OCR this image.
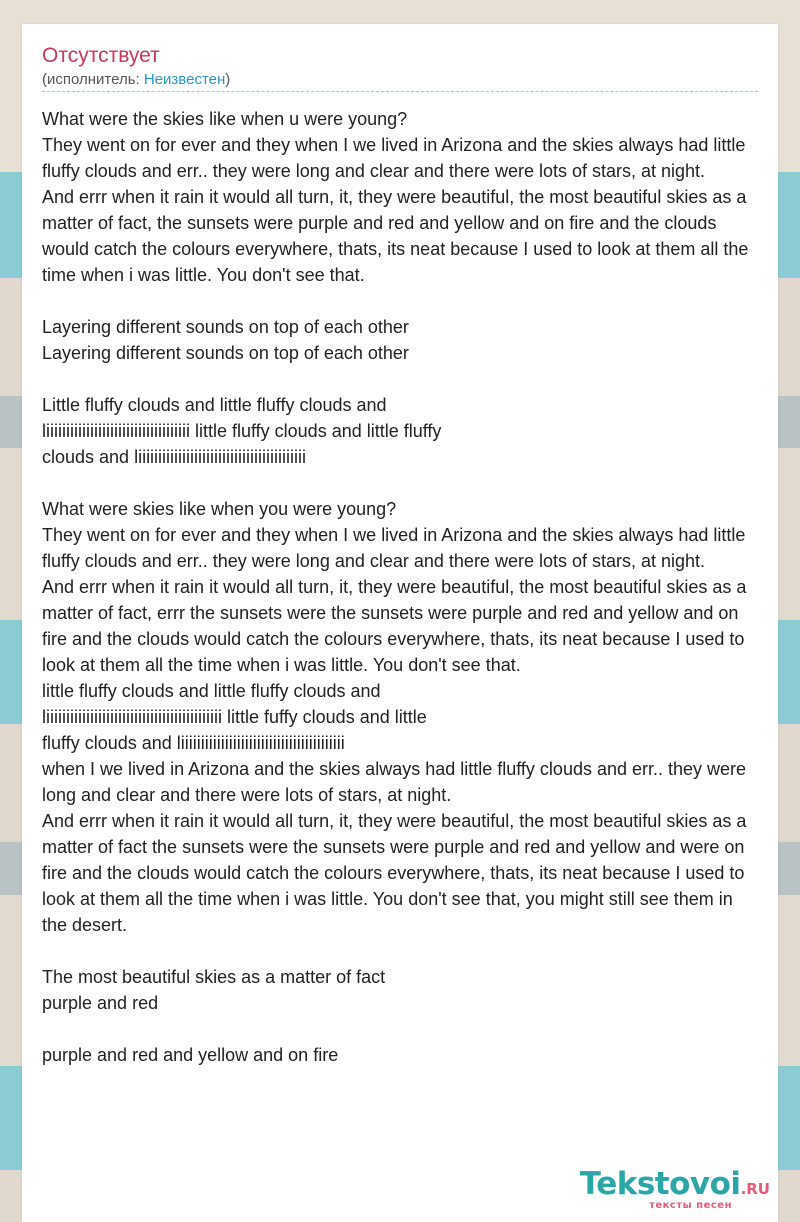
Отсутствует
(исполнитель: Неизвестен)

What were the skies like when u were young?
They went on for ever and they when I we lived in Arizona and the skies always had little fluffy clouds and err.. they were long and clear and there were lots of stars, at night.
And errr when it rain it would all turn, it, they were beautiful, the most beautiful skies as a matter of fact, the sunsets were purple and red and yellow and on fire and the clouds would catch the colours everywhere, thats, its neat because I used to look at them all the time when i was little. You don't see that.

Layering different sounds on top of each other
Layering different sounds on top of each other

Little fluffy clouds and little fluffy clouds and
liiiiiiiiiiiiiiiiiiiiiiiiiiiiiiiiiiii little fluffy clouds and little fluffy
clouds and liiiiiiiiiiiiiiiiiiiiiiiiiiiiiiiiiiiiiiiiii

What were skies like when you were young?
They went on for ever and they when I we lived in Arizona and the skies always had little fluffy clouds and err.. they were long and clear and there were lots of stars, at night.
And errr when it rain it would all turn, it, they were beautiful, the most beautiful skies as a matter of fact, errr the sunsets were the sunsets were purple and red and yellow and on fire and the clouds would catch the colours everywhere, thats, its neat because I used to look at them all the time when i was little. You don't see that.
little fluffy clouds and little fluffy clouds and
liiiiiiiiiiiiiiiiiiiiiiiiiiiiiiiiiiiiiiiiiiii little fuffy clouds and little
fluffy clouds and liiiiiiiiiiiiiiiiiiiiiiiiiiiiiiiiiiiiiiiii
when I we lived in Arizona and the skies always had little fluffy clouds and err.. they were long and clear and there were lots of stars, at night.
And errr when it rain it would all turn, it, they were beautiful, the most beautiful skies as a matter of fact the sunsets were the sunsets were purple and red and yellow and were on fire and the clouds would catch the colours everywhere, thats, its neat because I used to look at them all the time when i was little. You don't see that, you might still see them in the desert.

The most beautiful skies as a matter of fact
purple and red

purple and red and yellow and on fire

Tekstovoi.RU
тексты песен
